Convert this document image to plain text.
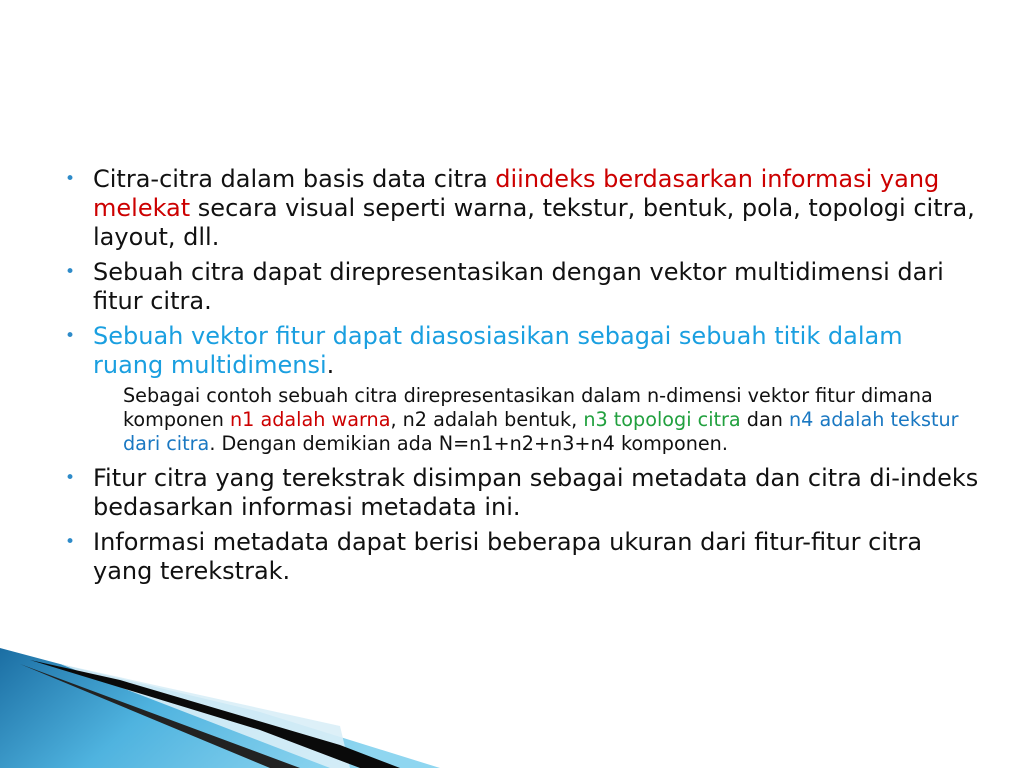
• Citra-citra dalam basis data citra diindeks berdasarkan informasi yang melekat secara visual seperti warna, tekstur, bentuk, pola, topologi citra, layout, dll.
• Sebuah citra dapat direpresentasikan dengan vektor multidimensi dari fitur citra.
• Sebuah vektor fitur dapat diasosiasikan sebagai sebuah titik dalam ruang multidimensi.
Sebagai contoh sebuah citra direpresentasikan dalam n-dimensi vektor fitur dimana komponen n1 adalah warna, n2 adalah bentuk, n3 topologi citra dan n4 adalah tekstur dari citra. Dengan demikian ada N=n1+n2+n3+n4 komponen.
• Fitur citra yang terekstrak disimpan sebagai metadata dan citra di-indeks bedasarkan informasi metadata ini.
• Informasi metadata dapat berisi beberapa ukuran dari fitur-fitur citra yang terekstrak.
